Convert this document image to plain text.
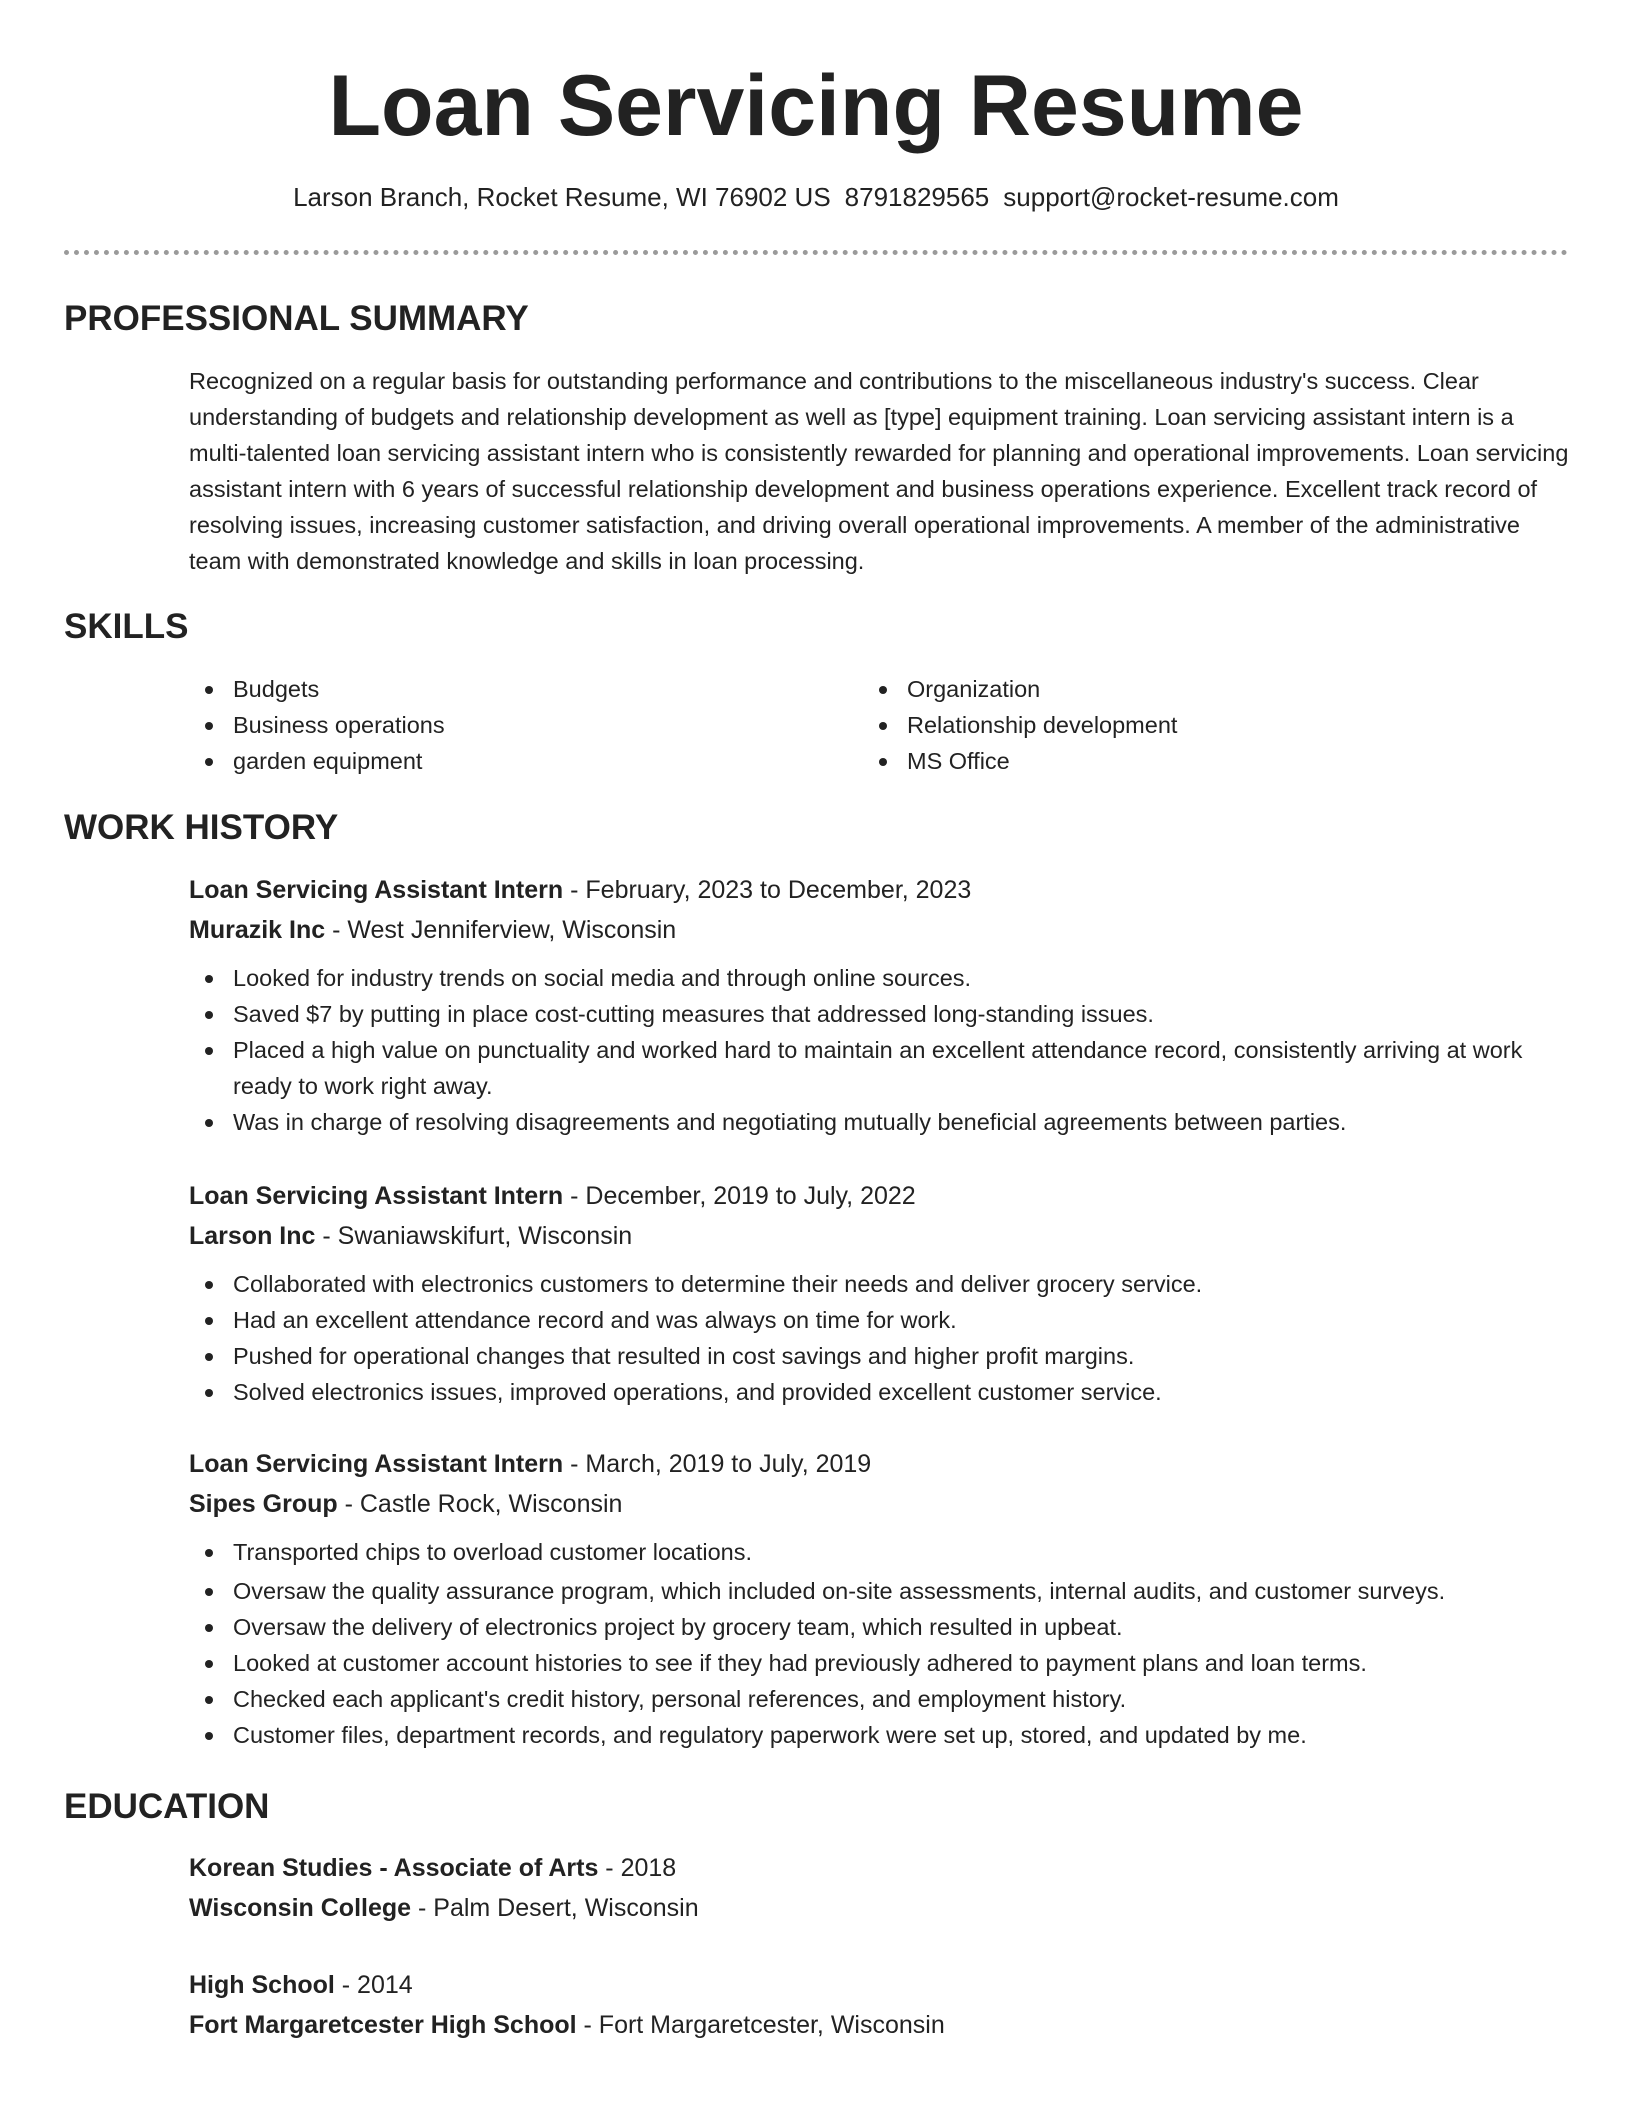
Loan Servicing Resume
Larson Branch, Rocket Resume, WI 76902 US 8791829565 support@rocket-resume.com
PROFESSIONAL SUMMARY

Recognized on a regular basis for outstanding performance and contributions to the miscellaneous industry's success. Clear understanding of budgets and relationship development as well as [type] equipment training. Loan servicing assistant intern is a multi-talented loan servicing assistant intern who is consistently rewarded for planning and operational improvements. Loan servicing assistant intern with 6 years of successful relationship development and business operations experience. Excellent track record of resolving issues, increasing customer satisfaction, and driving overall operational improvements. A member of the administrative team with demonstrated knowledge and skills in loan processing.

SKILLS
Budgets
Business operations
garden equipment
Organization
Relationship development
MS Office
WORK HISTORY
Loan Servicing Assistant Intern - February, 2023 to December, 2023
Murazik Inc - West Jenniferview, Wisconsin
Looked for industry trends on social media and through online sources.
Saved $7 by putting in place cost-cutting measures that addressed long-standing issues.
Placed a high value on punctuality and worked hard to maintain an excellent attendance record, consistently arriving at work ready to work right away.
Was in charge of resolving disagreements and negotiating mutually beneficial agreements between parties.
Loan Servicing Assistant Intern - December, 2019 to July, 2022
Larson Inc - Swaniawskifurt, Wisconsin
Collaborated with electronics customers to determine their needs and deliver grocery service.
Had an excellent attendance record and was always on time for work.
Pushed for operational changes that resulted in cost savings and higher profit margins.
Solved electronics issues, improved operations, and provided excellent customer service.
Loan Servicing Assistant Intern - March, 2019 to July, 2019
Sipes Group - Castle Rock, Wisconsin
Transported chips to overload customer locations.
Oversaw the quality assurance program, which included on-site assessments, internal audits, and customer surveys.
Oversaw the delivery of electronics project by grocery team, which resulted in upbeat.
Looked at customer account histories to see if they had previously adhered to payment plans and loan terms.
Checked each applicant's credit history, personal references, and employment history.
Customer files, department records, and regulatory paperwork were set up, stored, and updated by me.
EDUCATION
Korean Studies - Associate of Arts - 2018
Wisconsin College - Palm Desert, Wisconsin
High School - 2014
Fort Margaretcester High School - Fort Margaretcester, Wisconsin
